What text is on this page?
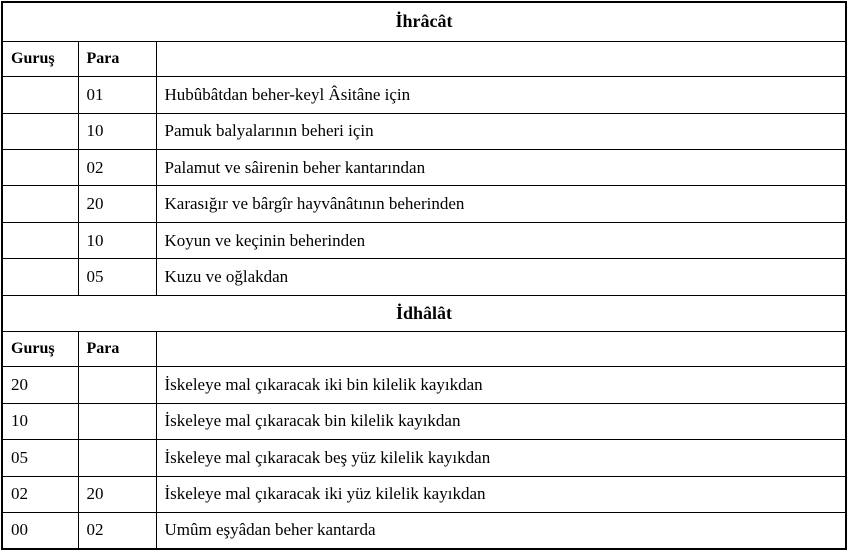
İhrâcât		
Guruş	Para	
	01	Hubûbâtdan beher-keyl Âsitâne için
	10	Pamuk balyalarının beheri için
	02	Palamut ve sâirenin beher kantarından
	20	Karasığır ve bârgîr hayvânâtının beherinden
	10	Koyun ve keçinin beherinden
	05	Kuzu ve oğlakdan
İdhâlât		
Guruş	Para	
20		İskeleye mal çıkaracak iki bin kilelik kayıkdan
10		İskeleye mal çıkaracak bin kilelik kayıkdan
05		İskeleye mal çıkaracak beş yüz kilelik kayıkdan
02	20	İskeleye mal çıkaracak iki yüz kilelik kayıkdan
00	02	Umûm eşyâdan beher kantarda
